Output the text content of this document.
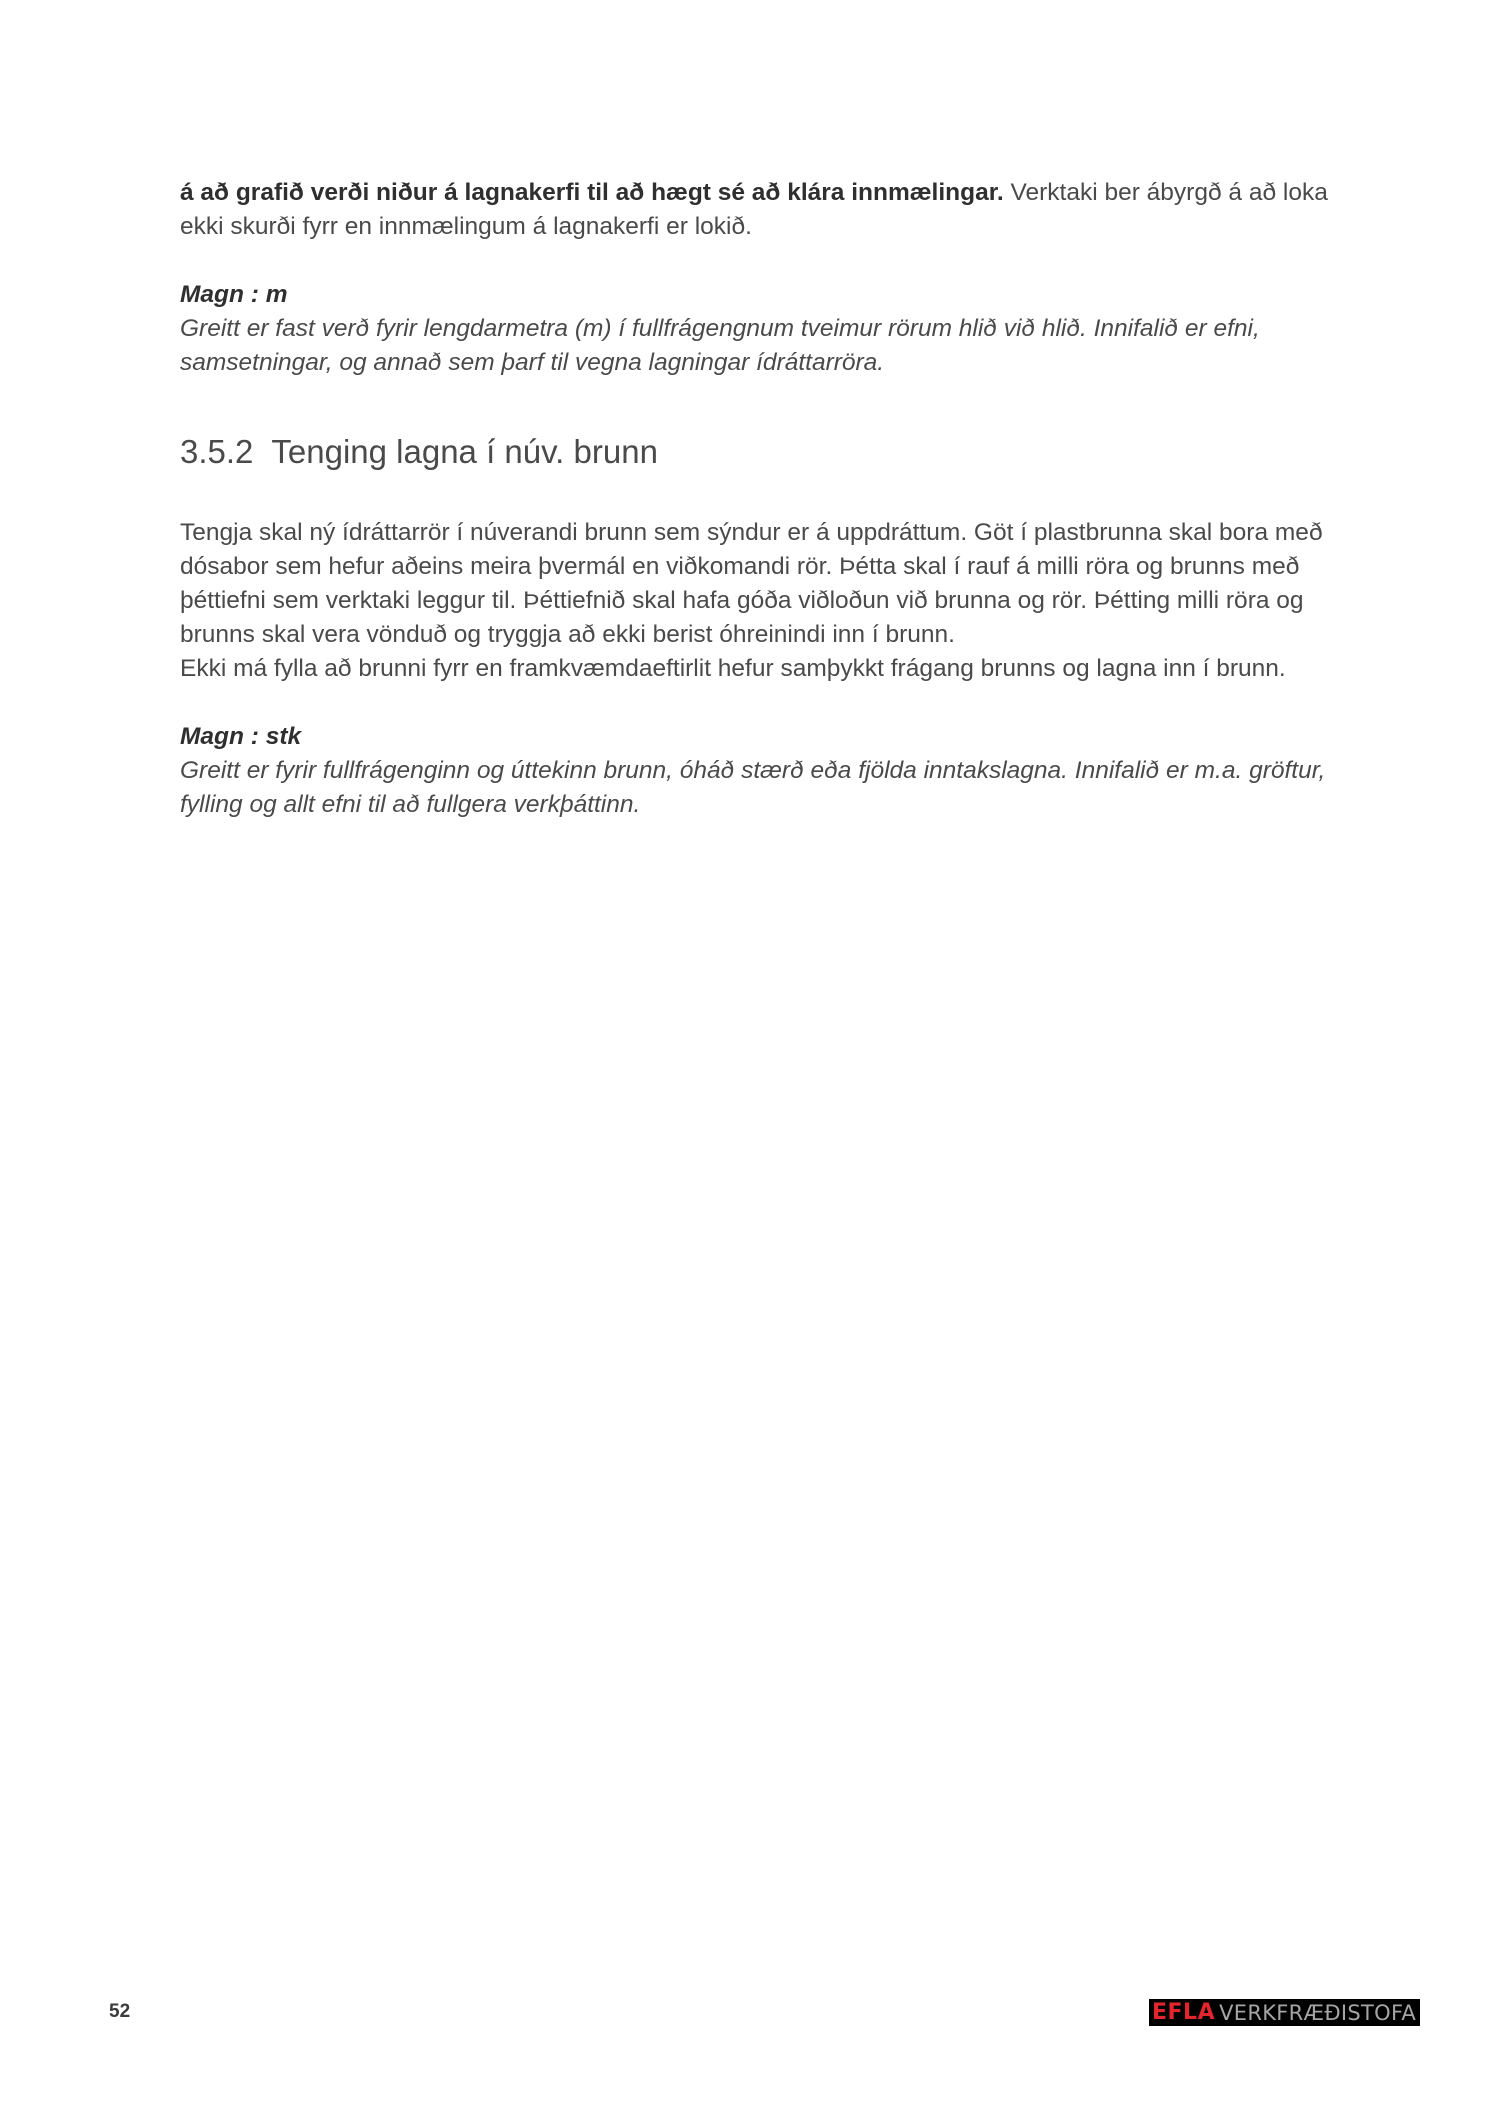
á að grafið verði niður á lagnakerfi til að hægt sé að klára innmælingar. Verktaki ber ábyrgð á að loka ekki skurði fyrr en innmælingum á lagnakerfi er lokið.

Magn : m

Greitt er fast verð fyrir lengdarmetra (m) í fullfrágengnum tveimur rörum hlið við hlið. Innifalið er efni, samsetningar, og annað sem þarf til vegna lagningar ídráttarröra.

3.5.2 Tenging lagna í núv. brunn

Tengja skal ný ídráttarrör í núverandi brunn sem sýndur er á uppdráttum. Göt í plastbrunna skal bora með dósabor sem hefur aðeins meira þvermál en viðkomandi rör. Þétta skal í rauf á milli röra og brunns með þéttiefni sem verktaki leggur til. Þéttiefnið skal hafa góða viðloðun við brunna og rör. Þétting milli röra og brunns skal vera vönduð og tryggja að ekki berist óhreinindi inn í brunn.

Ekki má fylla að brunni fyrr en framkvæmdaeftirlit hefur samþykkt frágang brunns og lagna inn í brunn.

Magn : stk

Greitt er fyrir fullfrágenginn og úttekinn brunn, óháð stærð eða fjölda inntakslagna. Innifalið er m.a. gröftur, fylling og allt efni til að fullgera verkþáttinn.

52	EFLA VERKFRÆÐISTOFA
